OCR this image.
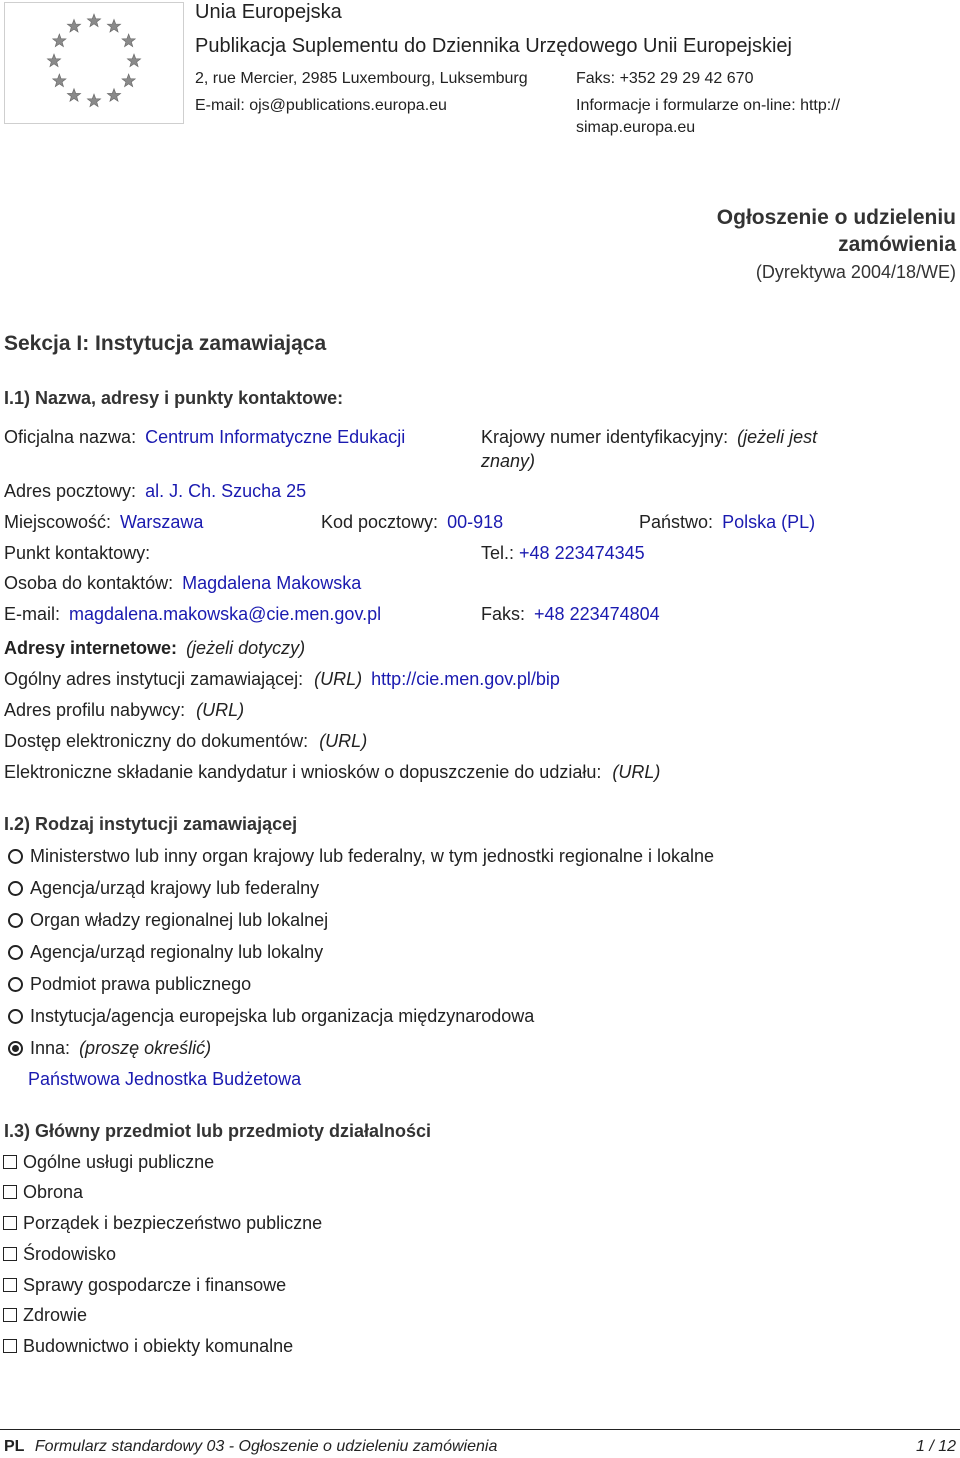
Unia Europejska
Publikacja Suplementu do Dziennika Urzędowego Unii Europejskiej
2, rue Mercier, 2985 Luxembourg, Luksemburg	Faks: +352 29 29 42 670
E-mail: ojs@publications.europa.eu	Informacje i formularze on-line: http://
simap.europa.eu
Ogłoszenie o udzieleniu
zamówienia
(Dyrektywa 2004/18/WE)
Sekcja I: Instytucja zamawiająca
I.1) Nazwa, adresy i punkty kontaktowe:
Oficjalna nazwa: Centrum Informatyczne Edukacji	Krajowy numer identyfikacyjny: (jeżeli jest
znany)
Adres pocztowy: al. J. Ch. Szucha 25
Miejscowość: Warszawa	Kod pocztowy: 00-918	Państwo: Polska (PL)
Punkt kontaktowy:	Tel.: +48 223474345
Osoba do kontaktów: Magdalena Makowska
E-mail: magdalena.makowska@cie.men.gov.pl	Faks: +48 223474804
Adresy internetowe: (jeżeli dotyczy)
Ogólny adres instytucji zamawiającej: (URL) http://cie.men.gov.pl/bip
Adres profilu nabywcy: (URL)
Dostęp elektroniczny do dokumentów: (URL)
Elektroniczne składanie kandydatur i wniosków o dopuszczenie do udziału: (URL)
I.2) Rodzaj instytucji zamawiającej
Ministerstwo lub inny organ krajowy lub federalny, w tym jednostki regionalne i lokalne
Agencja/urząd krajowy lub federalny
Organ władzy regionalnej lub lokalnej
Agencja/urząd regionalny lub lokalny
Podmiot prawa publicznego
Instytucja/agencja europejska lub organizacja międzynarodowa
Inna: (proszę określić)
Państwowa Jednostka Budżetowa
I.3) Główny przedmiot lub przedmioty działalności
Ogólne usługi publiczne
Obrona
Porządek i bezpieczeństwo publiczne
Środowisko
Sprawy gospodarcze i finansowe
Zdrowie
Budownictwo i obiekty komunalne
PL Formularz standardowy 03 - Ogłoszenie o udzieleniu zamówienia	1 / 12
